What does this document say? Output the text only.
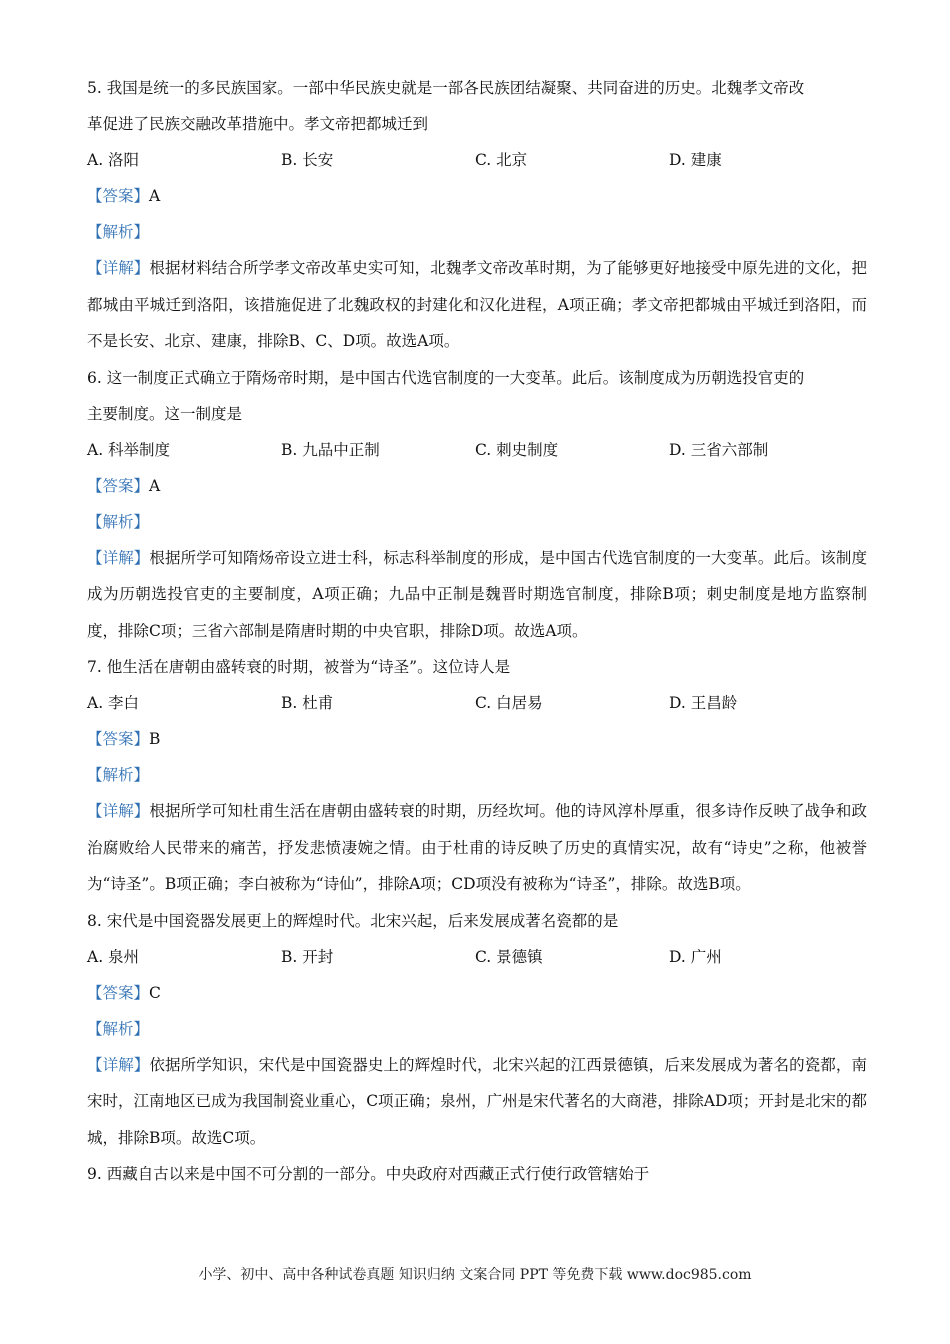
5. 我国是统一的多民族国家。一部中华民族史就是一部各民族团结凝聚、共同奋进的历史。北魏孝文帝改
革促进了民族交融改革措施中。孝文帝把都城迁到
A. 洛阳	B. 长安	C. 北京	D. 建康
【答案】A
【解析】
【详解】根据材料结合所学孝文帝改革史实可知，北魏孝文帝改革时期，为了能够更好地接受中原先进的文化，把都城由平城迁到洛阳，该措施促进了北魏政权的封建化和汉化进程，A项正确；孝文帝把都城由平城迁到洛阳，而不是长安、北京、建康，排除B、C、D项。故选A项。
6. 这一制度正式确立于隋炀帝时期，是中国古代选官制度的一大变革。此后。该制度成为历朝选投官吏的
主要制度。这一制度是
A. 科举制度	B. 九品中正制	C. 刺史制度	D. 三省六部制
【答案】A
【解析】
【详解】根据所学可知隋炀帝设立进士科，标志科举制度的形成，是中国古代选官制度的一大变革。此后。该制度成为历朝选投官吏的主要制度，A项正确；九品中正制是魏晋时期选官制度，排除B项；刺史制度是地方监察制度，排除C项；三省六部制是隋唐时期的中央官职，排除D项。故选A项。
7. 他生活在唐朝由盛转衰的时期，被誉为“诗圣”。这位诗人是
A. 李白	B. 杜甫	C. 白居易	D. 王昌龄
【答案】B
【解析】
【详解】根据所学可知杜甫生活在唐朝由盛转衰的时期，历经坎坷。他的诗风淳朴厚重，很多诗作反映了战争和政治腐败给人民带来的痛苦，抒发悲愤凄婉之情。由于杜甫的诗反映了历史的真情实况，故有“诗史”之称，他被誉为“诗圣”。B项正确；李白被称为“诗仙”，排除A项；CD项没有被称为“诗圣”，排除。故选B项。
8. 宋代是中国瓷器发展更上的辉煌时代。北宋兴起，后来发展成著名瓷都的是
A. 泉州	B. 开封	C. 景德镇	D. 广州
【答案】C
【解析】
【详解】依据所学知识，宋代是中国瓷器史上的辉煌时代，北宋兴起的江西景德镇，后来发展成为著名的瓷都，南宋时，江南地区已成为我国制瓷业重心，C项正确；泉州，广州是宋代著名的大商港，排除AD项；开封是北宋的都城，排除B项。故选C项。
9. 西藏自古以来是中国不可分割的一部分。中央政府对西藏正式行使行政管辖始于
小学、初中、高中各种试卷真题 知识归纳 文案合同 PPT 等免费下载 www.doc985.com
